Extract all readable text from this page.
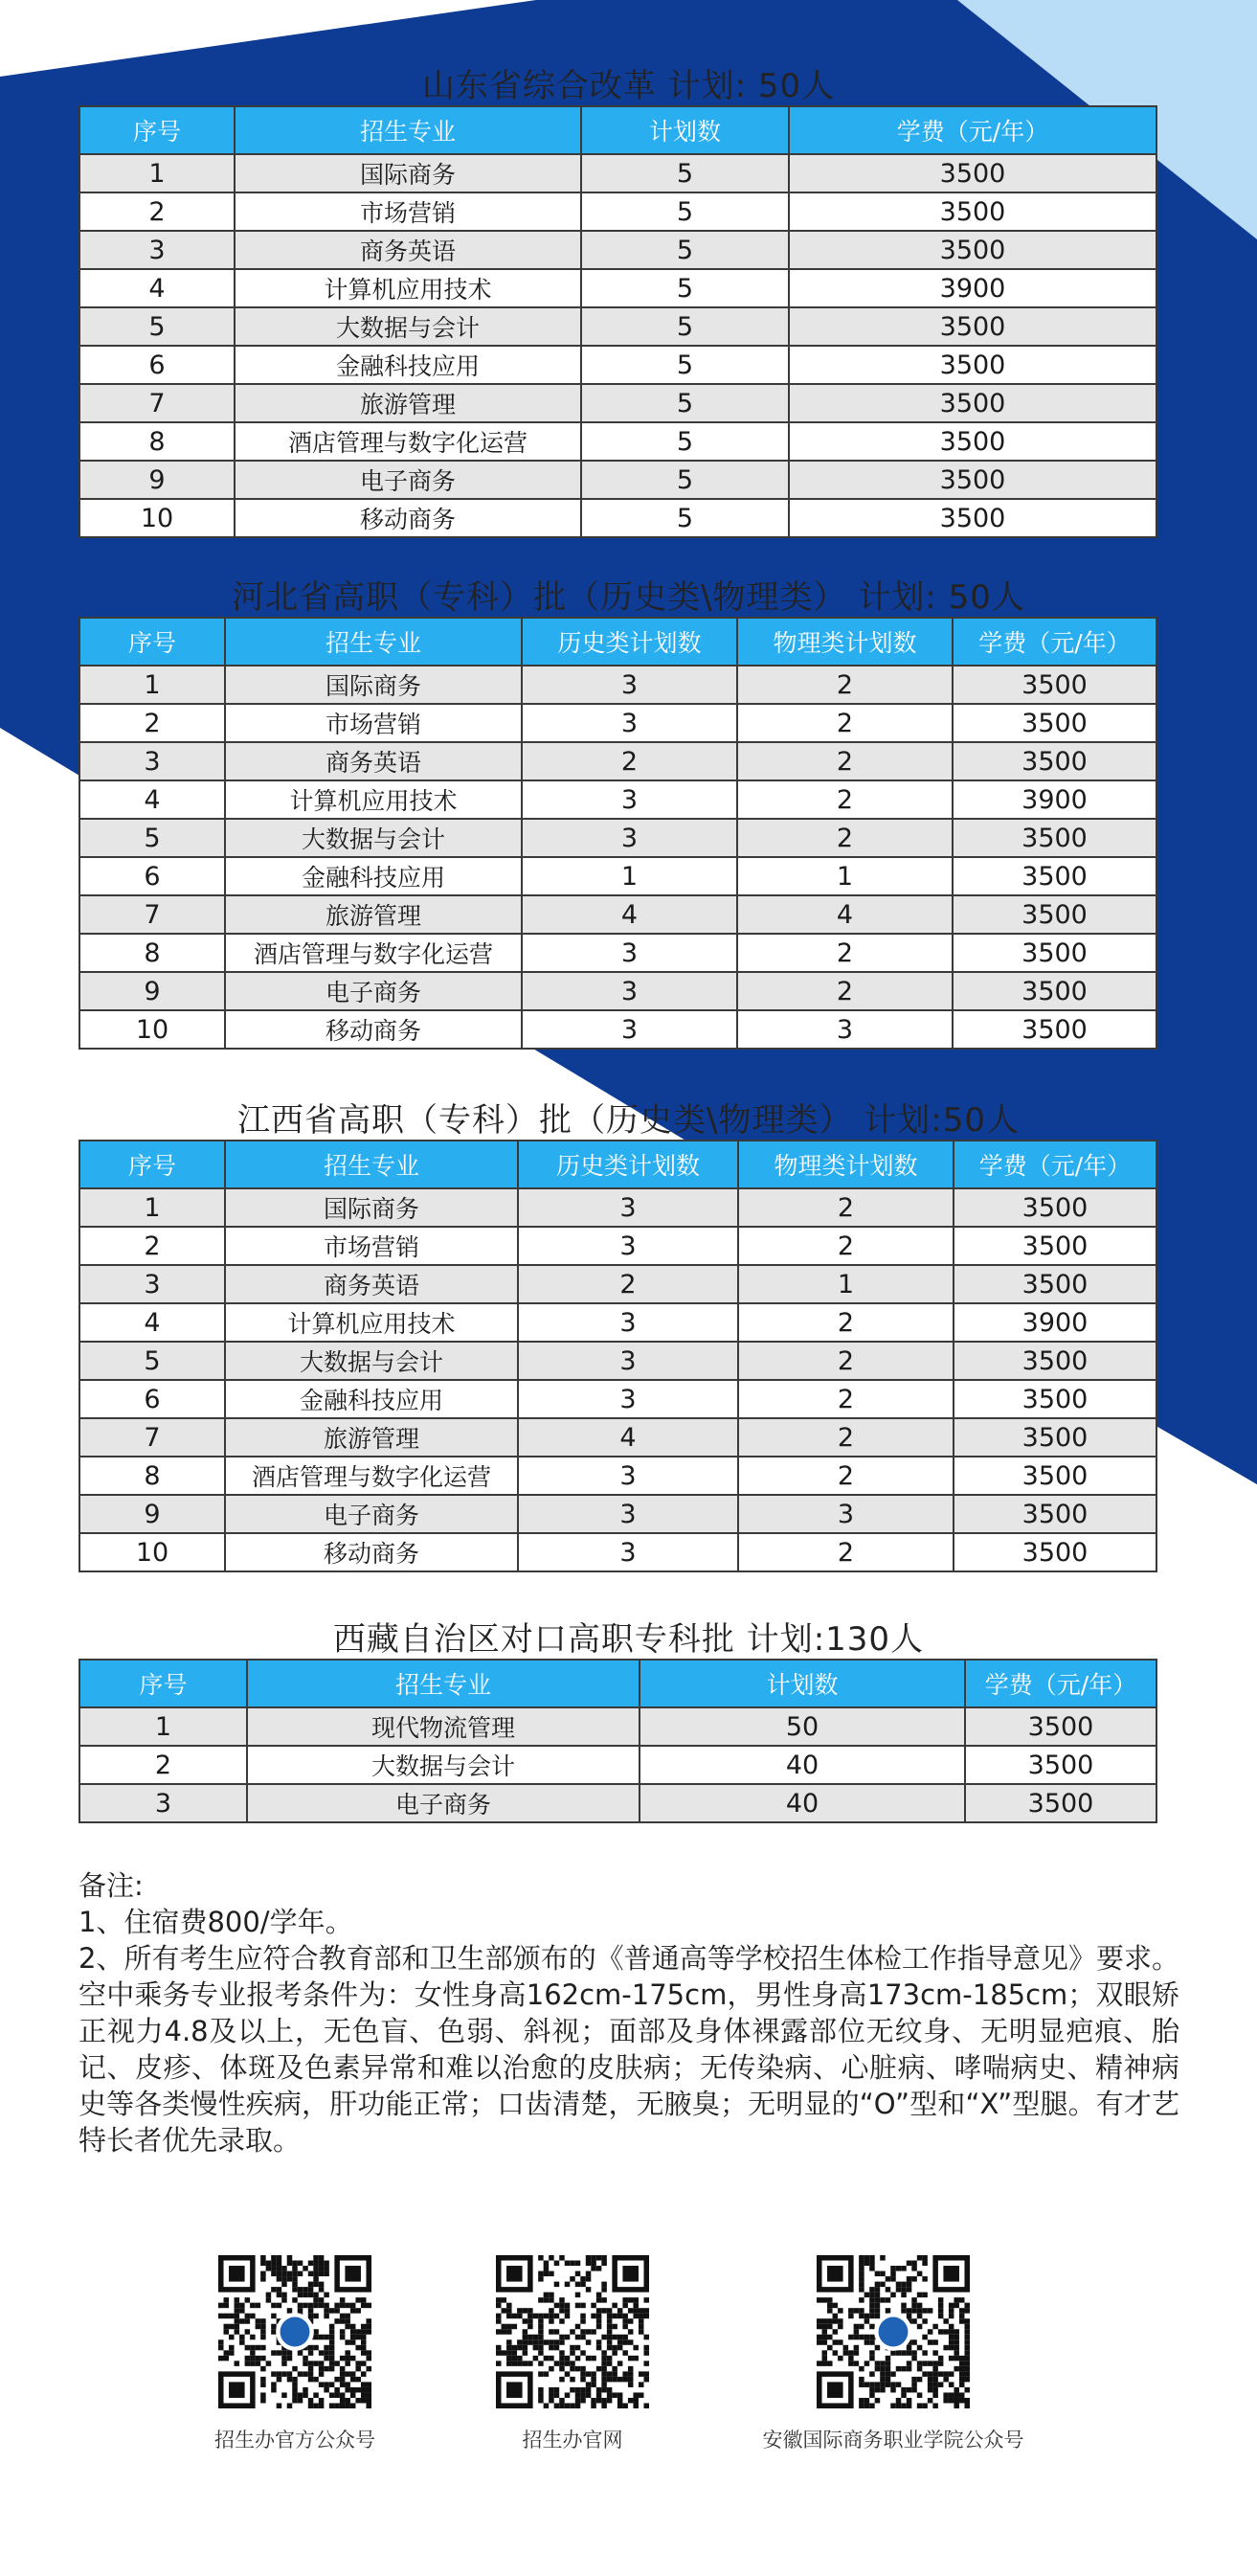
山东省综合改革 计划: 50人
序号	招生专业	计划数	学费（元/年）
1	国际商务	5	3500
2	市场营销	5	3500
3	商务英语	5	3500
4	计算机应用技术	5	3900
5	大数据与会计	5	3500
6	金融科技应用	5	3500
7	旅游管理	5	3500
8	酒店管理与数字化运营	5	3500
9	电子商务	5	3500
10	移动商务	5	3500
河北省高职（专科）批（历史类\物理类） 计划: 50人
序号	招生专业	历史类计划数	物理类计划数	学费（元/年）
1	国际商务	3	2	3500
2	市场营销	3	2	3500
3	商务英语	2	2	3500
4	计算机应用技术	3	2	3900
5	大数据与会计	3	2	3500
6	金融科技应用	1	1	3500
7	旅游管理	4	4	3500
8	酒店管理与数字化运营	3	2	3500
9	电子商务	3	2	3500
10	移动商务	3	3	3500
江西省高职（专科）批（历史类\物理类） 计划:50人
序号	招生专业	历史类计划数	物理类计划数	学费（元/年）
1	国际商务	3	2	3500
2	市场营销	3	2	3500
3	商务英语	2	1	3500
4	计算机应用技术	3	2	3900
5	大数据与会计	3	2	3500
6	金融科技应用	3	2	3500
7	旅游管理	4	2	3500
8	酒店管理与数字化运营	3	2	3500
9	电子商务	3	3	3500
10	移动商务	3	2	3500
西藏自治区对口高职专科批 计划:130人
序号	招生专业	计划数	学费（元/年）
1	现代物流管理	50	3500
2	大数据与会计	40	3500
3	电子商务	40	3500

备注:

1、住宿费800/学年。

2、所有考生应符合教育部和卫生部颁布的《普通高等学校招生体检工作指导意见》要求。空中乘务专业报考条件为：女性身高162cm-175cm，男性身高173cm-185cm；双眼矫正视力4.8及以上，无色盲、色弱、斜视；面部及身体裸露部位无纹身、无明显疤痕、胎记、皮疹、体斑及色素异常和难以治愈的皮肤病；无传染病、心脏病、哮喘病史、精神病史等各类慢性疾病，肝功能正常；口齿清楚，无腋臭；无明显的“O”型和“X”型腿。有才艺特长者优先录取。

招生办官方公众号	招生办官网	安徽国际商务职业学院公众号
